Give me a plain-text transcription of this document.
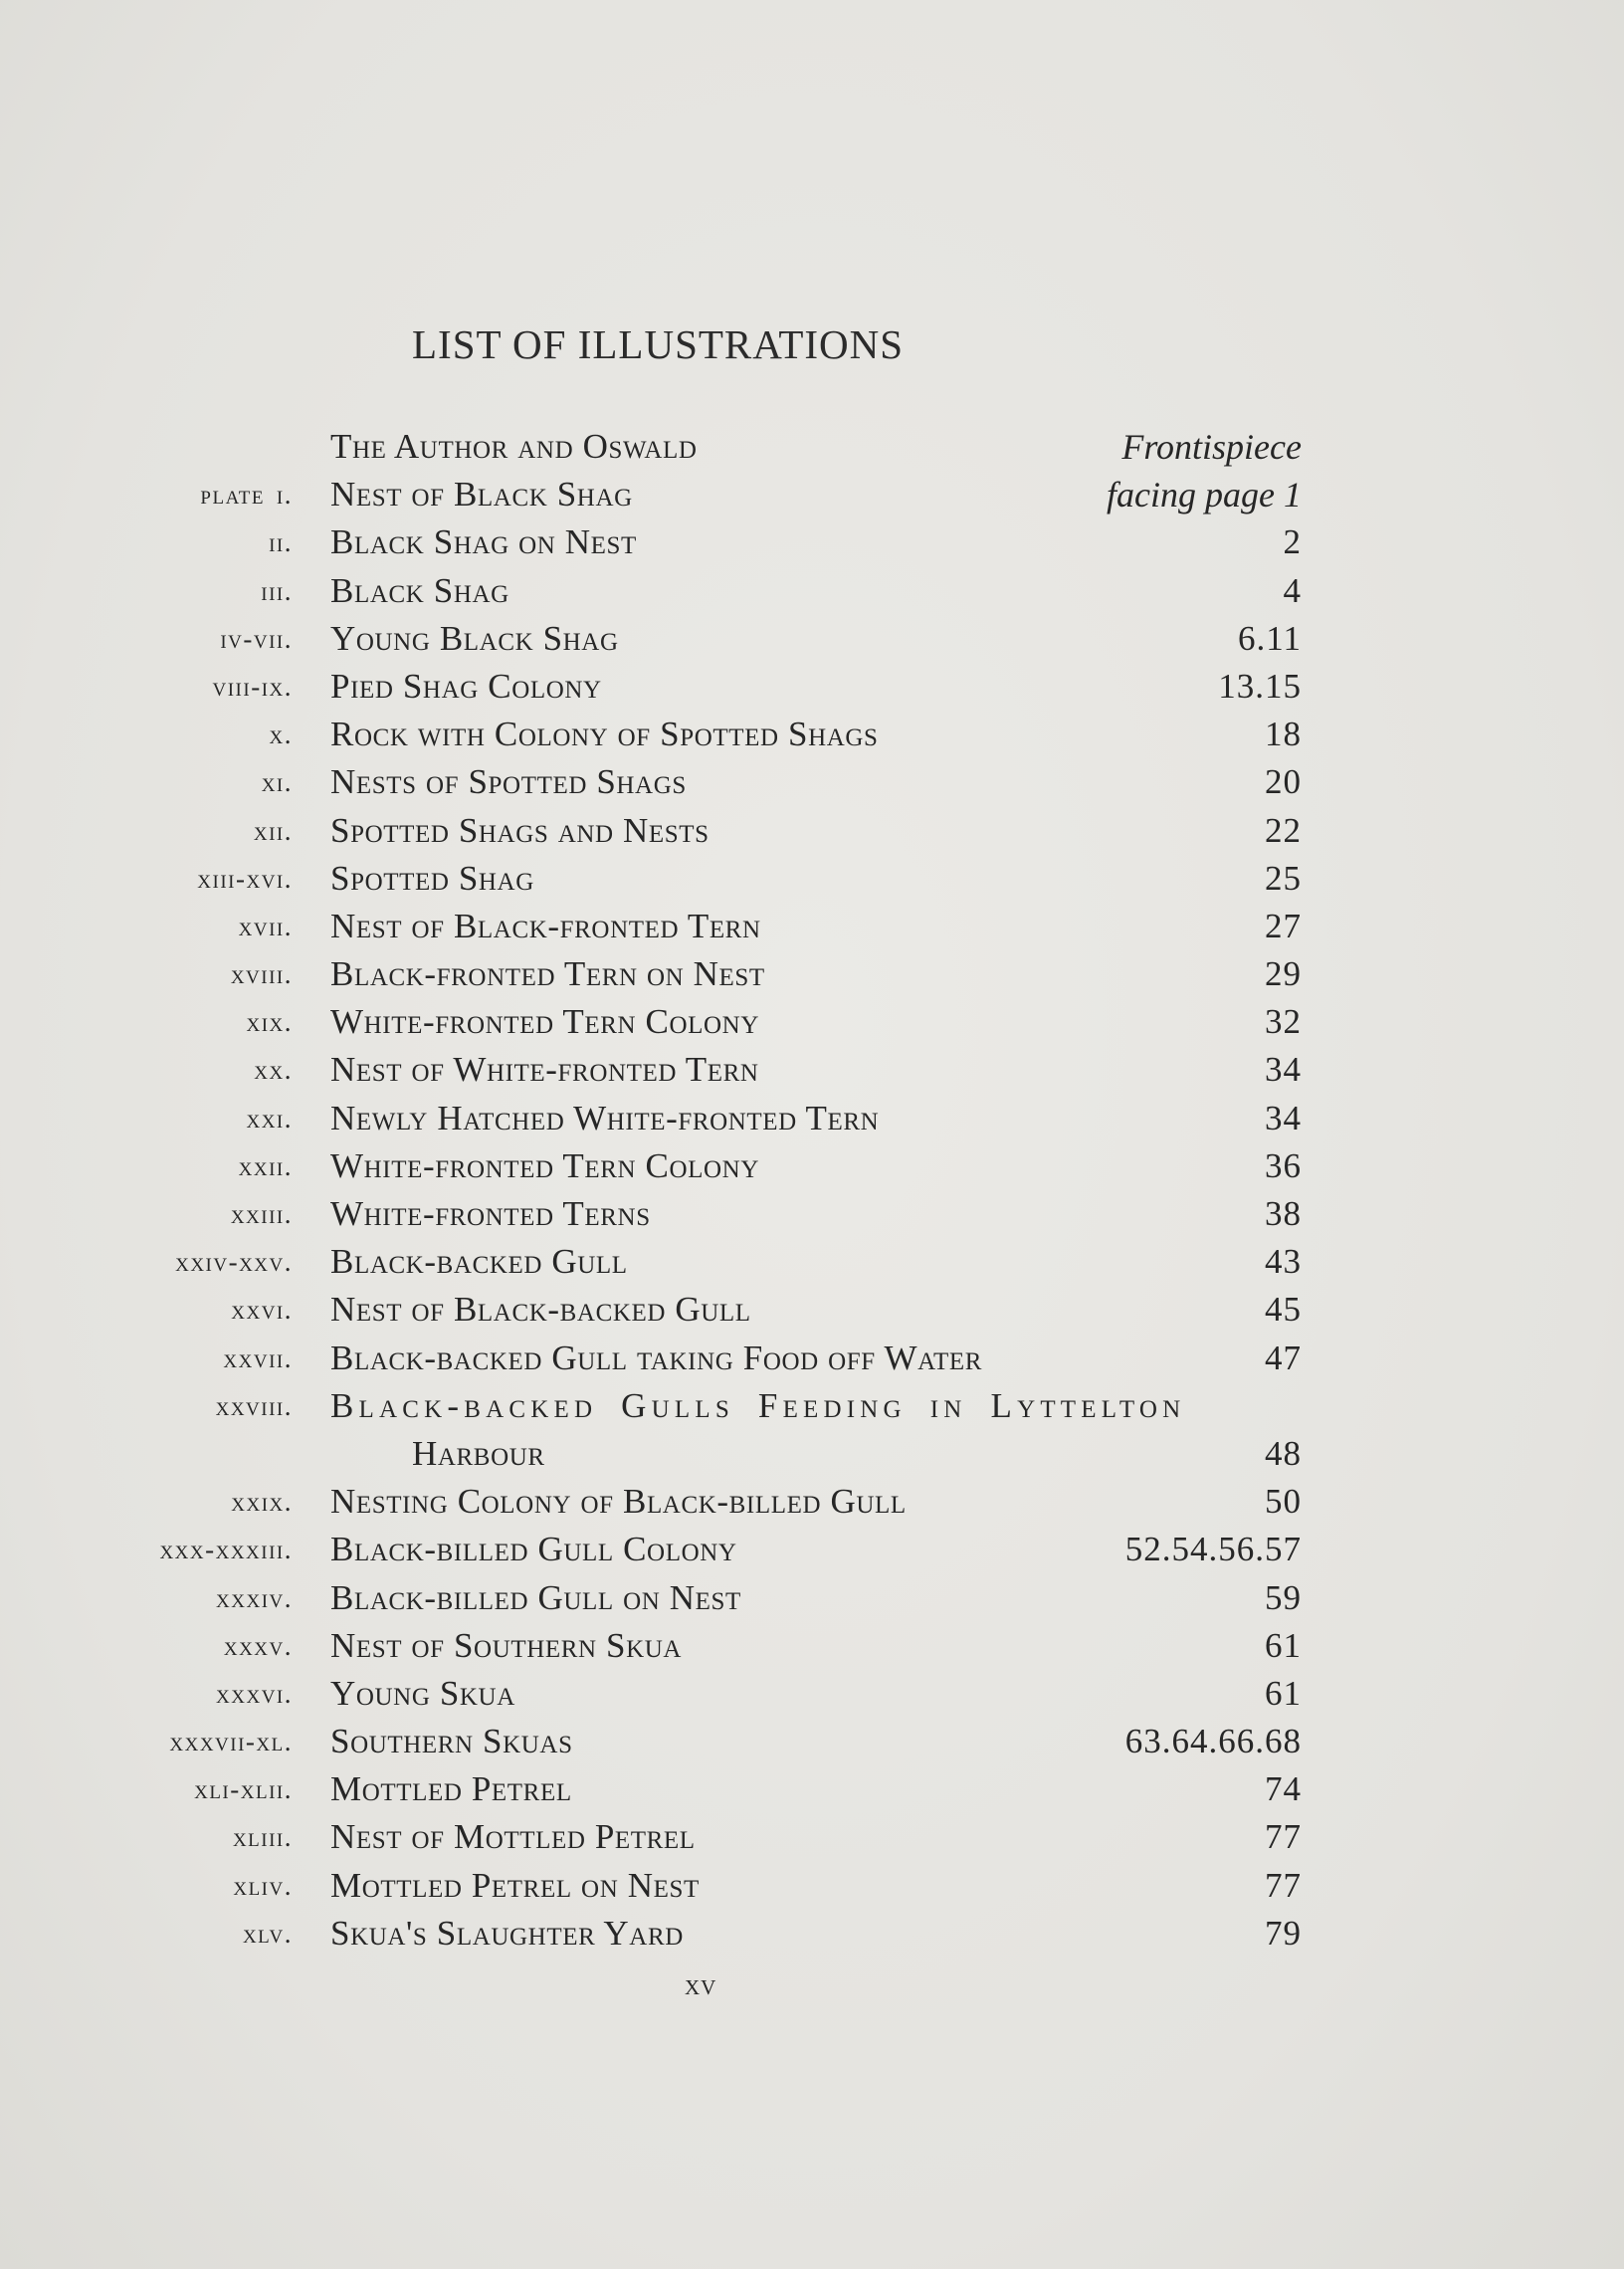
LIST OF ILLUSTRATIONS
The Author and Oswald	Frontispiece
plate i. Nest of Black Shag	facing page 1
ii. Black Shag on Nest	2
iii. Black Shag	4
iv-vii. Young Black Shag	6.11
viii-ix. Pied Shag Colony	13.15
x. Rock with Colony of Spotted Shags	18
xi. Nests of Spotted Shags	20
xii. Spotted Shags and Nests	22
xiii-xvi. Spotted Shag	25
xvii. Nest of Black-fronted Tern	27
xviii. Black-fronted Tern on Nest	29
xix. White-fronted Tern Colony	32
xx. Nest of White-fronted Tern	34
xxi. Newly Hatched White-fronted Tern	34
xxii. White-fronted Tern Colony	36
xxiii. White-fronted Terns	38
xxiv-xxv. Black-backed Gull	43
xxvi. Nest of Black-backed Gull	45
xxvii. Black-backed Gull taking Food off Water	47
xxviii. Black-backed Gulls Feeding in Lyttelton
Harbour	48
xxix. Nesting Colony of Black-billed Gull	50
xxx-xxxiii. Black-billed Gull Colony	52.54.56.57
xxxiv. Black-billed Gull on Nest	59
xxxv. Nest of Southern Skua	61
xxxvi. Young Skua	61
xxxvii-xl. Southern Skuas	63.64.66.68
xli-xlii. Mottled Petrel	74
xliii. Nest of Mottled Petrel	77
xliv. Mottled Petrel on Nest	77
xlv. Skua's Slaughter Yard	79
xv
